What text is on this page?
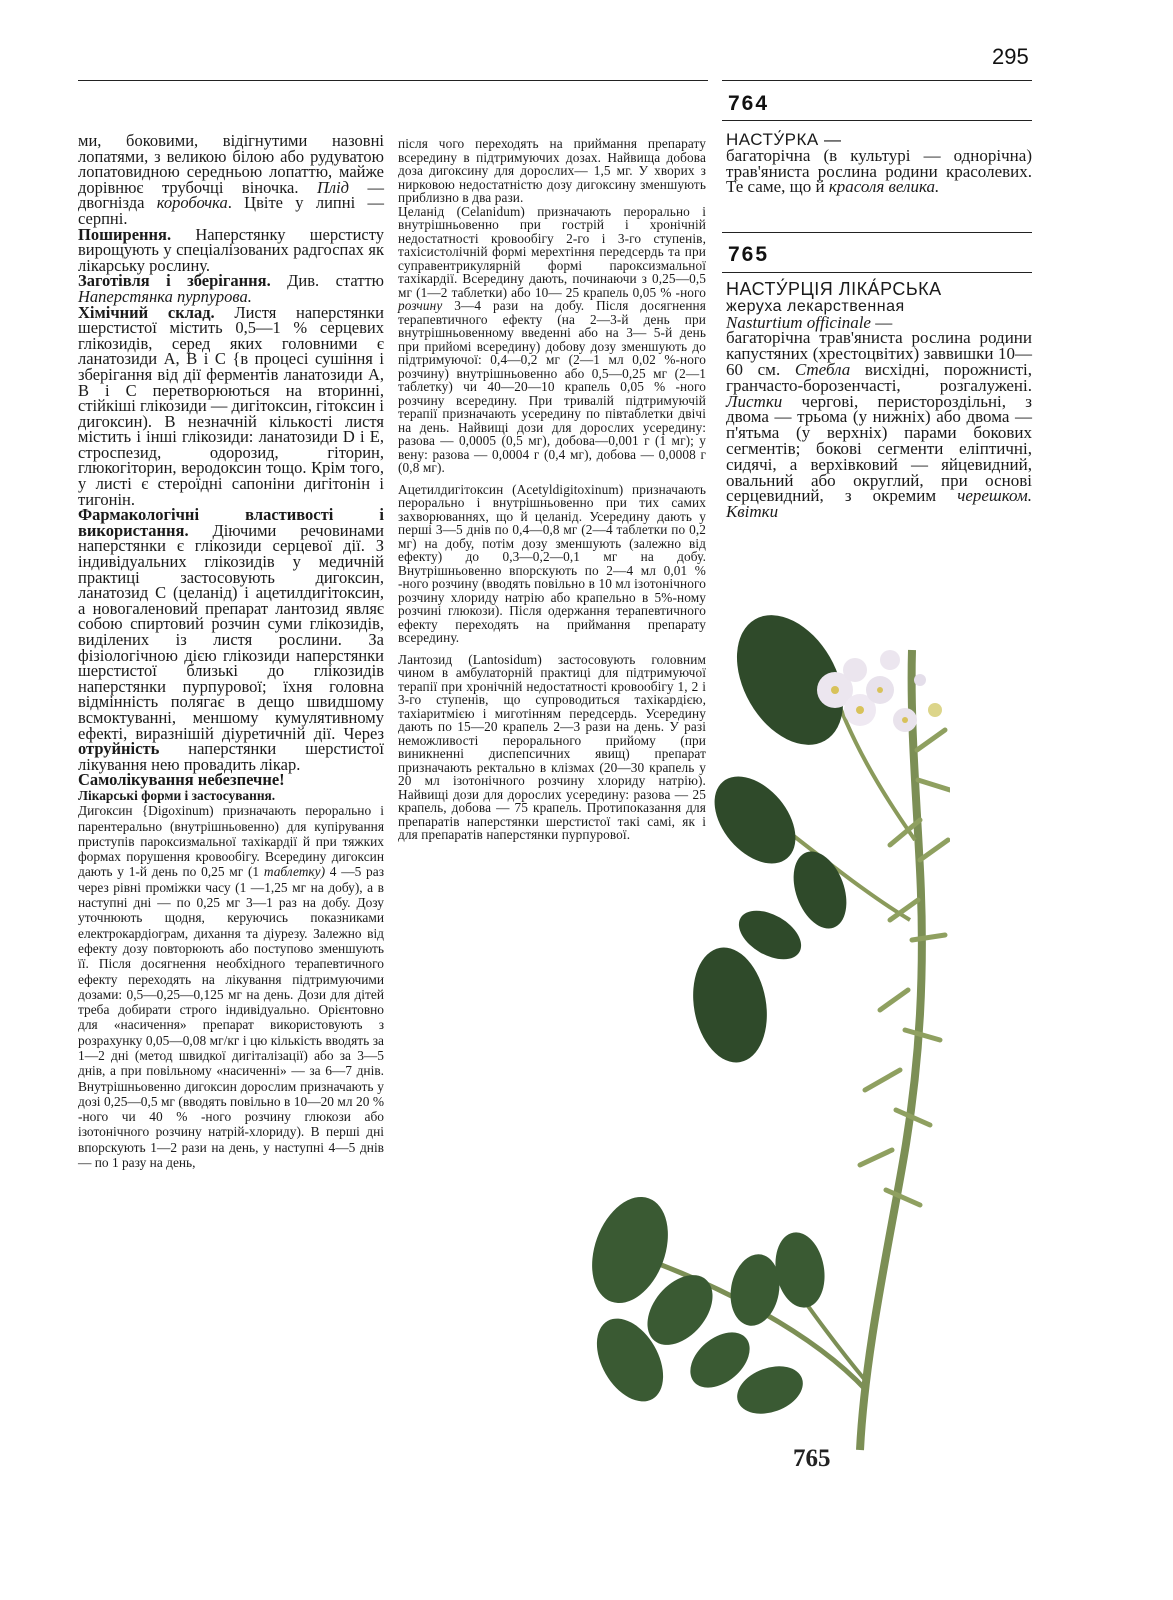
295
764
765

ми, боковими, відігнутими назовні лопатями, з великою білою або рудуватою лопатовидною середньою лопаттю, майже дорівнює трубочці віночка. Плід — двогнізда коробочка. Цвіте у липні — серпні.

Поширення. Наперстянку шерстисту вирощують у спеціалізованих радгоспах як лікарську рослину.

Заготівля і зберігання. Див. статтю Наперстянка пурпурова.

Хімічний склад. Листя наперстянки шерстистої містить 0,5—1 % серцевих глікозидів, серед яких головними є ланатозиди А, В і С {в процесі сушіння і зберігання від дії ферментів ланатозиди А, В і С перетворюються на вторинні, стійкіші глікозиди — дигітоксин, гітоксин і дигоксин). В незначній кількості листя містить і інші глікозиди: ланатозиди D і Е, строспезид, одорозид, гіторин, глюкогіторин, веродоксин тощо. Крім того, у листі є стероїдні сапоніни дигітонін і тигонін.

Фармакологічні властивості і використання. Діючими речовинами наперстянки є глікозиди серцевої дії. З індивідуальних глікозидів у медичній практиці застосовують дигоксин, ланатозид С (целанід) і ацетилдигітоксин, а новогаленовий препарат лантозид являє собою спиртовий розчин суми глікозидів, виділених із листя рослини. За фізіологічною дією глікозиди наперстянки шерстистої близькі до глікозидів наперстянки пурпурової; їхня головна відмінність полягає в дещо швидшому всмоктуванні, меншому кумулятивному ефекті, виразнішій діуретичній дії. Через отруйність наперстянки шерстистої лікування нею провадить лікар.

Самолікування небезпечне!

Лікарські форми і застосування.

Дигоксин {Digoxinum) призначають перорально і парентерально (внутрішньовенно) для купірування приступів пароксизмальної тахікардії й при тяжких формах порушення кровообігу. Всередину дигоксин дають у 1-й день по 0,25 мг (1 таблетку) 4 —5 раз через рівні проміжки часу (1 —1,25 мг на добу), а в наступні дні — по 0,25 мг 3—1 раз на добу. Дозу уточнюють щодня, керуючись показниками електрокардіограм, дихання та діурезу. Залежно від ефекту дозу повторюють або поступово зменшують її. Після досягнення необхідного терапевтичного ефекту переходять на лікування підтримуючими дозами: 0,5—0,25—0,125 мг на день. Дози для дітей треба добирати строго індивідуально. Орієнтовно для «насичення» препарат використовують з розрахунку 0,05—0,08 мг/кг і цю кількість вводять за 1—2 дні (метод швидкої дигіталізації) або за 3—5 днів, а при повільному «насиченні» — за 6—7 днів. Внутрішньовенно дигоксин дорослим призначають у дозі 0,25—0,5 мг (вводять повільно в 10—20 мл 20 % -ного чи 40 % -ного розчину глюкози або ізотонічного розчину натрій-хлориду). В перші дні впорскують 1—2 рази на день, у наступні 4—5 днів — по 1 разу на день,

після чого переходять на приймання препарату всередину в підтримуючих дозах. Найвища добова доза дигоксину для дорослих— 1,5 мг. У хворих з нирковою недостатністю дозу дигоксину зменшують приблизно в два рази.

Целанід (Celanidum) призначають перорально і внутрішньовенно при гострій і хронічній недостатності кровообігу 2-го і 3-го ступенів, тахісистолічній формі мерехтіння передсердь та при суправентрикулярній формі пароксизмальної тахікардії. Всередину дають, починаючи з 0,25—0,5 мг (1—2 таблетки) або 10— 25 крапель 0,05 % -ного розчину 3—4 рази на добу. Після досягнення терапевтичного ефекту (на 2—3-й день при внутрішньовенному введенні або на 3— 5-й день при прийомі всередину) добову дозу зменшують до підтримуючої: 0,4—0,2 мг (2—1 мл 0,02 %-ного розчину) внутрішньовенно або 0,5—0,25 мг (2—1 таблетку) чи 40—20—10 крапель 0,05 % -ного розчину всередину. При тривалій підтримуючій терапії призначають усередину по півтаблетки двічі на день. Найвищі дози для дорослих усередину: разова — 0,0005 (0,5 мг), добова—0,001 г (1 мг); у вену: разова — 0,0004 г (0,4 мг), добова — 0,0008 г (0,8 мг).

Ацетилдигітоксин (Acetyldigitoxinum) призначають перорально і внутрішньовенно при тих самих захворюваннях, що й целанід. Усередину дають у перші 3—5 днів по 0,4—0,8 мг (2—4 таблетки по 0,2 мг) на добу, потім дозу зменшують (залежно від ефекту) до 0,3—0,2—0,1 мг на добу. Внутрішньовенно впорскують по 2—4 мл 0,01 % -ного розчину (вводять повільно в 10 мл ізотонічного розчину хлориду натрію або крапельно в 5%-ному розчині глюкози). Після одержання терапевтичного ефекту переходять на приймання препарату всередину.

Лантозид (Lantosidum) застосовують головним чином в амбулаторній практиці для підтримуючої терапії при хронічній недостатності кровообігу 1, 2 і 3-го ступенів, що супроводиться тахікардією, тахіаритмією і миготінням передсердь. Усередину дають по 15—20 крапель 2—3 рази на день. У разі неможливості перорального прийому (при виникненні диспепсичних явищ) препарат призначають ректально в клізмах (20—30 крапель у 20 мл ізотонічного розчину хлориду натрію). Найвищі дози для дорослих усередину: разова — 25 крапель, добова — 75 крапель. Протипоказання для препаратів наперстянки шерстистої такі самі, як і для препаратів наперстянки пурпурової.

НАСТУ́РКА —

багаторічна (в культурі — однорічна) трав'яниста рослина родини красолевих. Те саме, що й красоля велика.

НАСТУ́РЦІЯ ЛІКА́РСЬКА

жеруха лекарственная

Nasturtium officinale —

багаторічна трав'яниста рослина родини капустяних (хрестоцвітих) заввишки 10—60 см. Стебла висхідні, порожнисті, гранчасто-борозенчасті, розгалужені. Листки чергові, перистороздільні, з двома — трьома (у нижніх) або двома — п'ятьма (у верхніх) парами бокових сегментів; бокові сегменти еліптичні, сидячі, а верхівковий — яйцевидний, овальний або округлий, при основі серцевидний, з окремим черешком. Квітки

765
